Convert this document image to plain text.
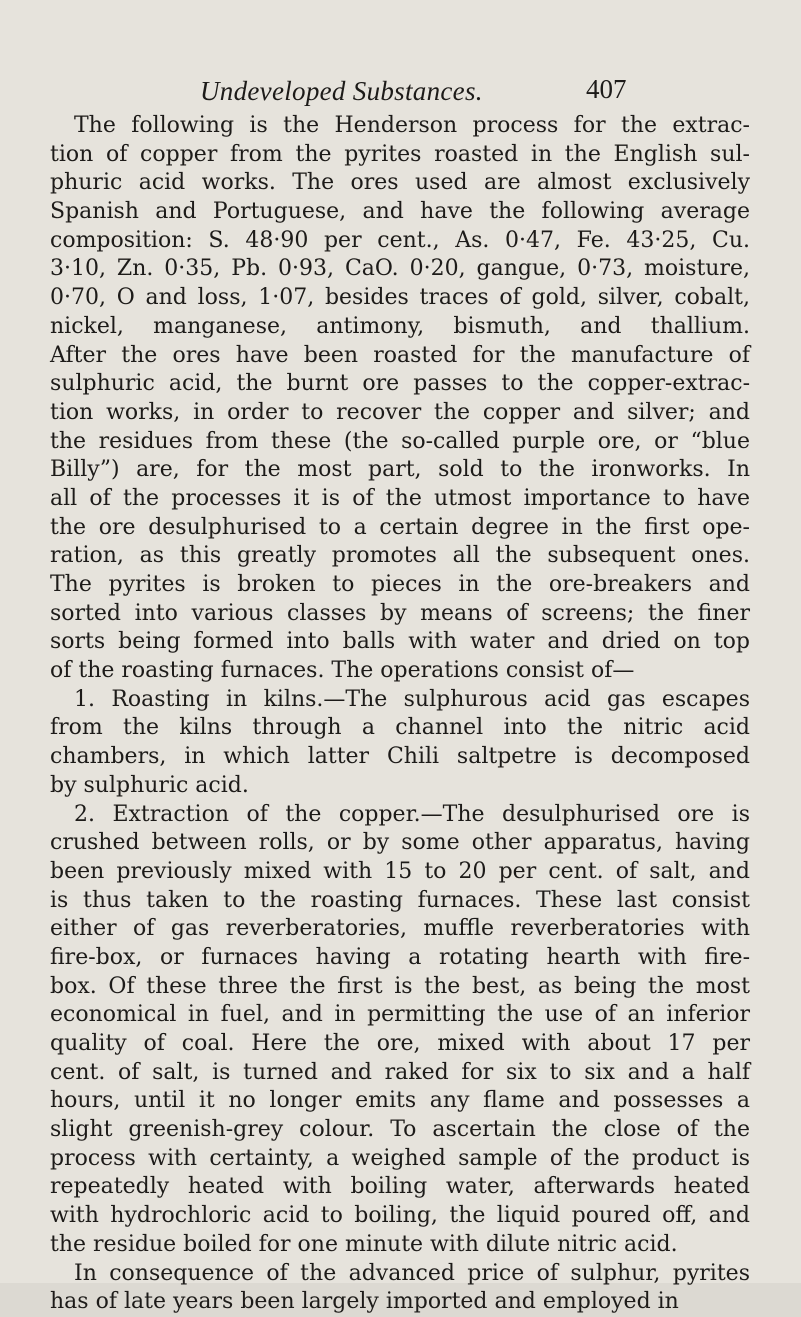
Undeveloped Substances.	407
The following is the Henderson process for the extrac-
tion of copper from the pyrites roasted in the English sul-
phuric acid works. The ores used are almost exclusively
Spanish and Portuguese, and have the following average
composition: S. 48·90 per cent., As. 0·47, Fe. 43·25, Cu.
3·10, Zn. 0·35, Pb. 0·93, CaO. 0·20, gangue, 0·73, moisture,
0·70, O and loss, 1·07, besides traces of gold, silver, cobalt,
nickel, manganese, antimony, bismuth, and thallium.
After the ores have been roasted for the manufacture of
sulphuric acid, the burnt ore passes to the copper-extrac-
tion works, in order to recover the copper and silver; and
the residues from these (the so-called purple ore, or “blue
Billy”) are, for the most part, sold to the ironworks. In
all of the processes it is of the utmost importance to have
the ore desulphurised to a certain degree in the first ope-
ration, as this greatly promotes all the subsequent ones.
The pyrites is broken to pieces in the ore-breakers and
sorted into various classes by means of screens; the finer
sorts being formed into balls with water and dried on top
of the roasting furnaces. The operations consist of—
1. Roasting in kilns.—The sulphurous acid gas escapes
from the kilns through a channel into the nitric acid
chambers, in which latter Chili saltpetre is decomposed
by sulphuric acid.
2. Extraction of the copper.—The desulphurised ore is
crushed between rolls, or by some other apparatus, having
been previously mixed with 15 to 20 per cent. of salt, and
is thus taken to the roasting furnaces. These last consist
either of gas reverberatories, muffle reverberatories with
fire-box, or furnaces having a rotating hearth with fire-
box. Of these three the first is the best, as being the most
economical in fuel, and in permitting the use of an inferior
quality of coal. Here the ore, mixed with about 17 per
cent. of salt, is turned and raked for six to six and a half
hours, until it no longer emits any flame and possesses a
slight greenish-grey colour. To ascertain the close of the
process with certainty, a weighed sample of the product is
repeatedly heated with boiling water, afterwards heated
with hydrochloric acid to boiling, the liquid poured off, and
the residue boiled for one minute with dilute nitric acid.
In consequence of the advanced price of sulphur, pyrites
has of late years been largely imported and employed in
